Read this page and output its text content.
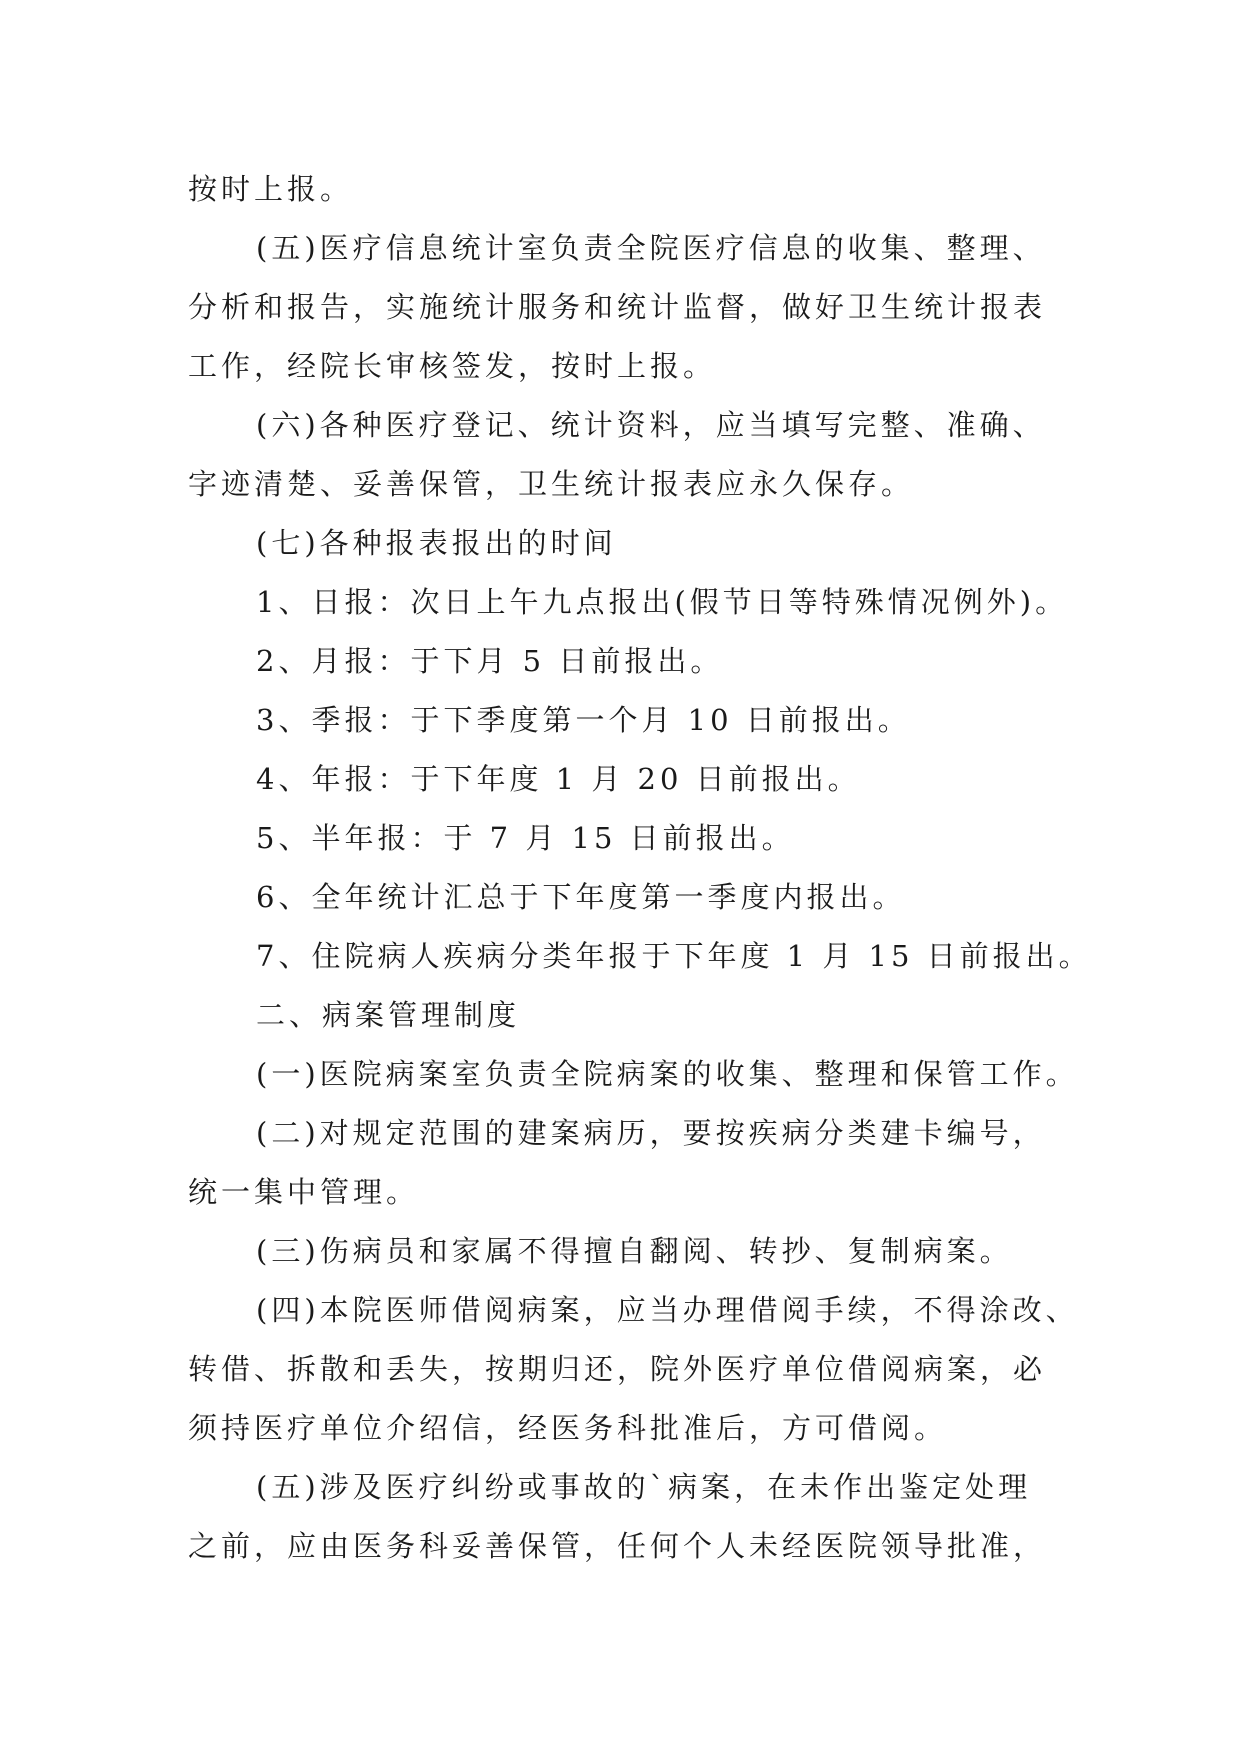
按时上报。
(五)医疗信息统计室负责全院医疗信息的收集、整理、
分析和报告，实施统计服务和统计监督，做好卫生统计报表
工作，经院长审核签发，按时上报。
(六)各种医疗登记、统计资料，应当填写完整、准确、
字迹清楚、妥善保管，卫生统计报表应永久保存。
(七)各种报表报出的时间
1、日报：次日上午九点报出(假节日等特殊情况例外)。
2、月报：于下月 5 日前报出。
3、季报：于下季度第一个月 10 日前报出。
4、年报：于下年度 1 月 20 日前报出。
5、半年报：于 7 月 15 日前报出。
6、全年统计汇总于下年度第一季度内报出。
7、住院病人疾病分类年报于下年度 1 月 15 日前报出。
二、病案管理制度
(一)医院病案室负责全院病案的收集、整理和保管工作。
(二)对规定范围的建案病历，要按疾病分类建卡编号，
统一集中管理。
(三)伤病员和家属不得擅自翻阅、转抄、复制病案。
(四)本院医师借阅病案，应当办理借阅手续，不得涂改、
转借、拆散和丢失，按期归还，院外医疗单位借阅病案，必
须持医疗单位介绍信，经医务科批准后，方可借阅。
(五)涉及医疗纠纷或事故的`病案，在未作出鉴定处理
之前，应由医务科妥善保管，任何个人未经医院领导批准，
